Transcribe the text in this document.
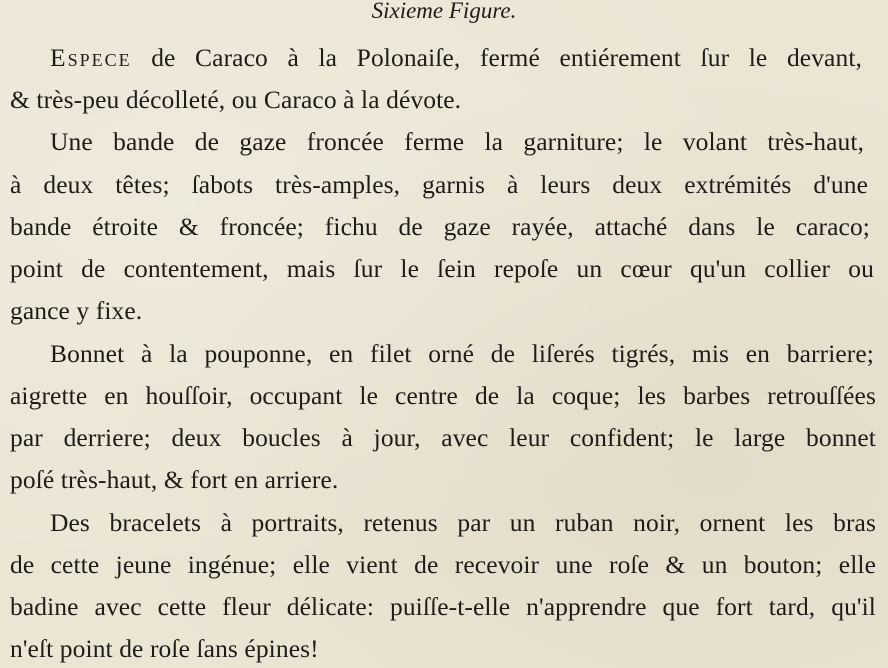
Sixieme Figure.
Espece de Caraco à la Polonaiſe, fermé entiérement ſur le devant,
& très-peu décolleté, ou Caraco à la dévote.
Une bande de gaze froncée ferme la garniture; le volant très-haut,
à deux têtes; ſabots très-amples, garnis à leurs deux extrémités d'une
bande étroite & froncée; fichu de gaze rayée, attaché dans le caraco;
point de contentement, mais ſur le ſein repoſe un cœur qu'un collier ou
gance y fixe.
Bonnet à la pouponne, en filet orné de liſerés tigrés, mis en barriere;
aigrette en houſſoir, occupant le centre de la coque; les barbes retrouſſées
par derriere; deux boucles à jour, avec leur confident; le large bonnet
poſé très-haut, & fort en arriere.
Des bracelets à portraits, retenus par un ruban noir, ornent les bras
de cette jeune ingénue; elle vient de recevoir une roſe & un bouton; elle
badine avec cette fleur délicate: puiſſe-t-elle n'apprendre que fort tard, qu'il
n'eſt point de roſe ſans épines!
